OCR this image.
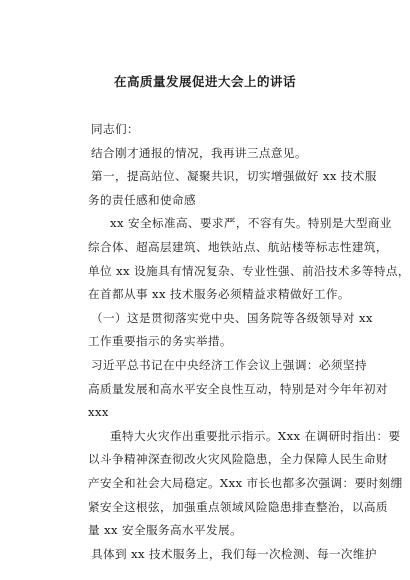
在高质量发展促进大会上的讲话
同志们：
结合刚才通报的情况，我再讲三点意见。
第一，提高站位、凝聚共识，切实增强做好 xx 技术服
务的责任感和使命感
xx 安全标准高、要求严，不容有失。特别是大型商业
综合体、超高层建筑、地铁站点、航站楼等标志性建筑，
单位 xx 设施具有情况复杂、专业性强、前沿技术多等特点，
在首都从事 xx 技术服务必须精益求精做好工作。
（一）这是贯彻落实党中央、国务院等各级领导对 xx
工作重要指示的务实举措。
习近平总书记在中央经济工作会议上强调：必须坚持
高质量发展和高水平安全良性互动，特别是对今年年初对
xxx
重特大火灾作出重要批示指示。Xxx 在调研时指出：要
以斗争精神深查彻改火灾风险隐患，全力保障人民生命财
产安全和社会大局稳定。Xxx 市长也都多次强调：要时刻绷
紧安全这根弦，加强重点领域风险隐患排查整治，以高质
量 xx 安全服务高水平发展。
具体到 xx 技术服务上，我们每一次检测、每一次维护
